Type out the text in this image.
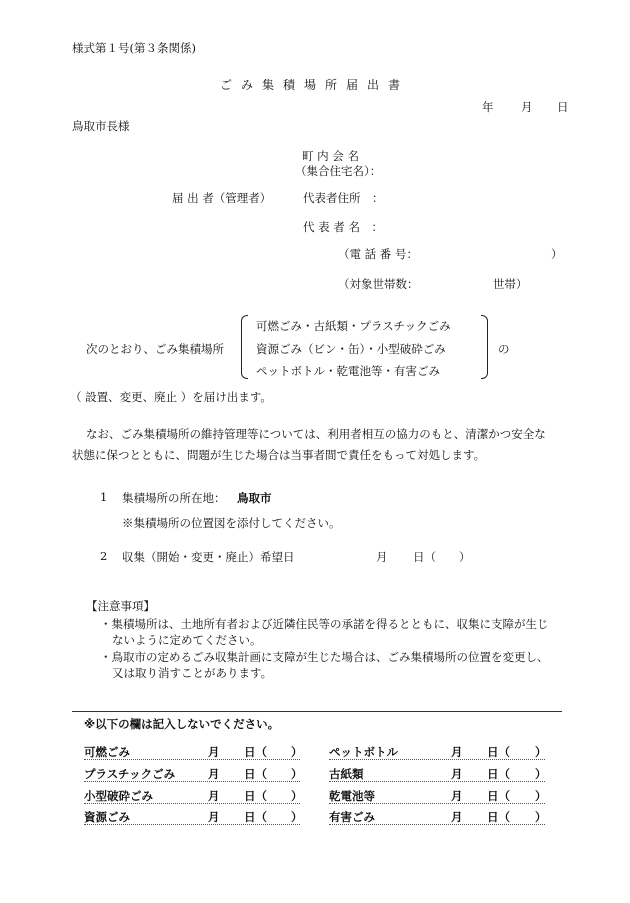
様式第１号(第３条関係)
ごみ集積場所届出書
年 月 日
鳥取市長様
町 内 会 名
（集合住宅名）：
届 出 者（管理者）	代表者住所　：
代 表 者 名　：
（電 話 番 号：	）
（対象世帯数：	世帯）
次のとおり、ごみ集積場所
可燃ごみ・古紙類・プラスチックごみ
資源ごみ（ビン・缶）・小型破砕ごみ
ペットボトル・乾電池等・有害ごみ
の
（ 設置、変更、廃止 ）を届け出ます。
なお、ごみ集積場所の維持管理等については、利用者相互の協力のもと、清潔かつ安全な
状態に保つとともに、問題が生じた場合は当事者間で責任をもって対処します。
1 集積場所の所在地： 鳥取市
※集積場所の位置図を添付してください。
2 収集（開始・変更・廃止）希望日	月 日（ ）
【注意事項】
・集積場所は、土地所有者および近隣住民等の承諾を得るとともに、収集に支障が生じ
ないように定めてください。
・鳥取市の定めるごみ収集計画に支障が生じた場合は、ごみ集積場所の位置を変更し、
又は取り消すことがあります。
※以下の欄は記入しないでください。
可燃ごみ	月 日（ ） ペットボトル	月 日（ ）
プラスチックごみ	月 日（ ） 古紙類	月 日（ ）
小型破砕ごみ	月 日（ ） 乾電池等	月 日（ ）
資源ごみ	月 日（ ） 有害ごみ	月 日（ ）
